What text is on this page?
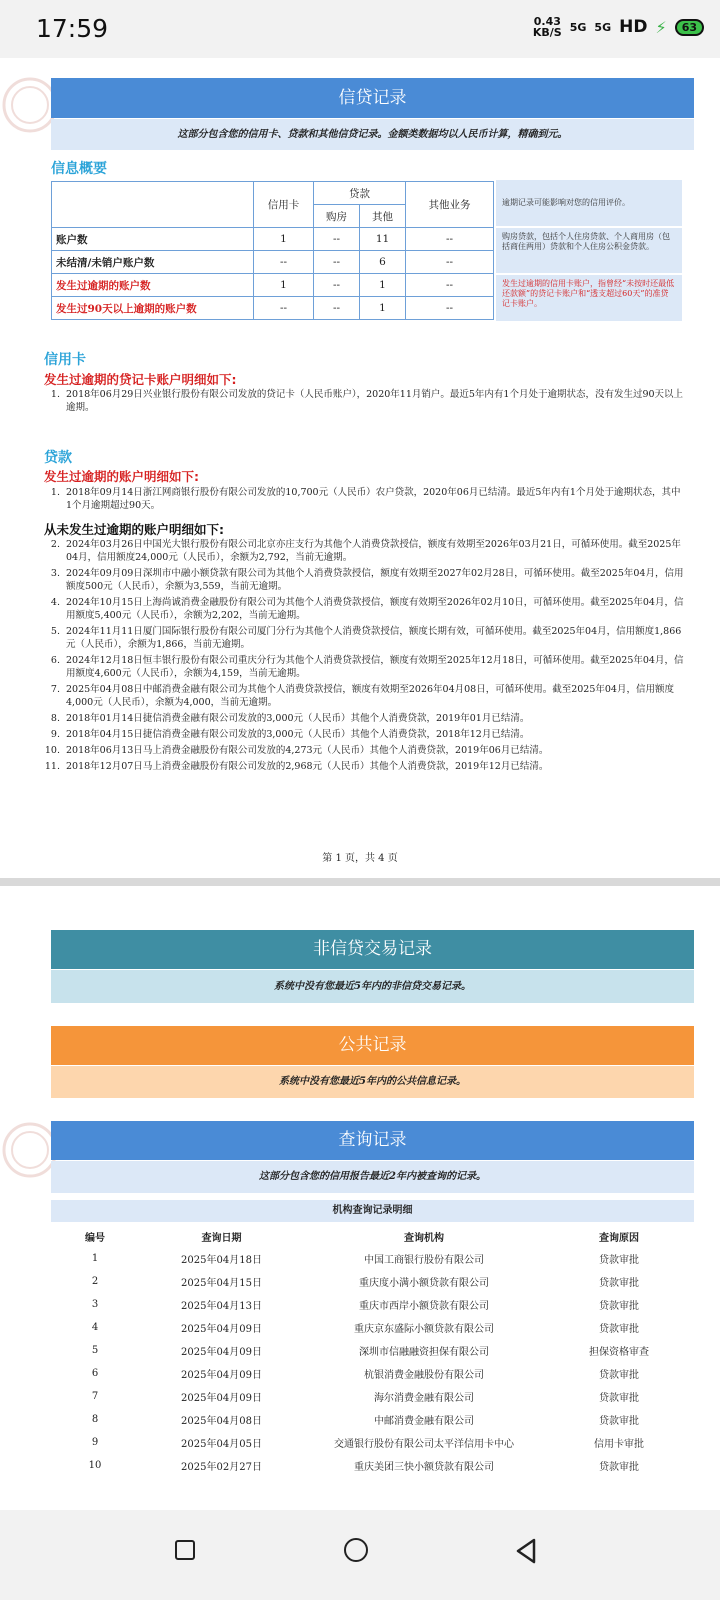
17:59	0.43
KB/S 5G 5G HD ⚡	63
信贷记录
这部分包含您的信用卡、贷款和其他信贷记录。金额类数据均以人民币计算，精确到元。
信息概要
	信用卡	贷款		其他业务
		购房	其他	
账户数	1	--	11	--
未结清/未销户账户数	--	--	6	--
发生过逾期的账户数	1	--	1	--
发生过90天以上逾期的账户数	--	--	1	--
逾期记录可能影响对您的信用评价。
购房贷款，包括个人住房贷款、个人商用房（包括商住两用）贷款和个人住房公积金贷款。
发生过逾期的信用卡账户，指曾经“未按时还最低还款额”的贷记卡账户和“透支超过60天”的准贷记卡账户。
信用卡
发生过逾期的贷记卡账户明细如下:
1. 2018年06月29日兴业银行股份有限公司发放的贷记卡（人民币账户），2020年11月销户。最近5年内有1个月处于逾期状态，没有发生过90天以上逾期。
贷款
发生过逾期的账户明细如下:
1. 2018年09月14日浙江网商银行股份有限公司发放的10,700元（人民币）农户贷款，2020年06月已结清。最近5年内有1个月处于逾期状态，其中1个月逾期超过90天。
从未发生过逾期的账户明细如下:
2. 2024年03月26日中国光大银行股份有限公司北京亦庄支行为其他个人消费贷款授信，额度有效期至2026年03月21日，可循环使用。截至2025年04月，信用额度24,000元（人民币），余额为2,792，当前无逾期。
3. 2024年09月09日深圳市中融小额贷款有限公司为其他个人消费贷款授信，额度有效期至2027年02月28日，可循环使用。截至2025年04月，信用额度500元（人民币），余额为3,559，当前无逾期。
4. 2024年10月15日上海尚诚消费金融股份有限公司为其他个人消费贷款授信，额度有效期至2026年02月10日，可循环使用。截至2025年04月，信用额度5,400元（人民币），余额为2,202，当前无逾期。
5. 2024年11月11日厦门国际银行股份有限公司厦门分行为其他个人消费贷款授信，额度长期有效，可循环使用。截至2025年04月，信用额度1,866元（人民币），余额为1,866，当前无逾期。
6. 2024年12月18日恒丰银行股份有限公司重庆分行为其他个人消费贷款授信，额度有效期至2025年12月18日，可循环使用。截至2025年04月，信用额度4,600元（人民币），余额为4,159，当前无逾期。
7. 2025年04月08日中邮消费金融有限公司为其他个人消费贷款授信，额度有效期至2026年04月08日，可循环使用。截至2025年04月，信用额度4,000元（人民币），余额为4,000，当前无逾期。
8. 2018年01月14日捷信消费金融有限公司发放的3,000元（人民币）其他个人消费贷款，2019年01月已结清。
9. 2018年04月15日捷信消费金融有限公司发放的3,000元（人民币）其他个人消费贷款，2018年12月已结清。
10. 2018年06月13日马上消费金融股份有限公司发放的4,273元（人民币）其他个人消费贷款，2019年06月已结清。
11. 2018年12月07日马上消费金融股份有限公司发放的2,968元（人民币）其他个人消费贷款，2019年12月已结清。
第 1 页，共 4 页
非信贷交易记录
系统中没有您最近5年内的非信贷交易记录。
公共记录
系统中没有您最近5年内的公共信息记录。
查询记录
这部分包含您的信用报告最近2年内被查询的记录。
机构查询记录明细
编号	查询日期	查询机构	查询原因
1	2025年04月18日	中国工商银行股份有限公司	贷款审批
2	2025年04月15日	重庆度小满小额贷款有限公司	贷款审批
3	2025年04月13日	重庆市西岸小额贷款有限公司	贷款审批
4	2025年04月09日	重庆京东盛际小额贷款有限公司	贷款审批
5	2025年04月09日	深圳市信融融资担保有限公司	担保资格审查
6	2025年04月09日	杭银消费金融股份有限公司	贷款审批
7	2025年04月09日	海尔消费金融有限公司	贷款审批
8	2025年04月08日	中邮消费金融有限公司	贷款审批
9	2025年04月05日	交通银行股份有限公司太平洋信用卡中心	信用卡审批
10	2025年02月27日	重庆美团三快小额贷款有限公司	贷款审批
